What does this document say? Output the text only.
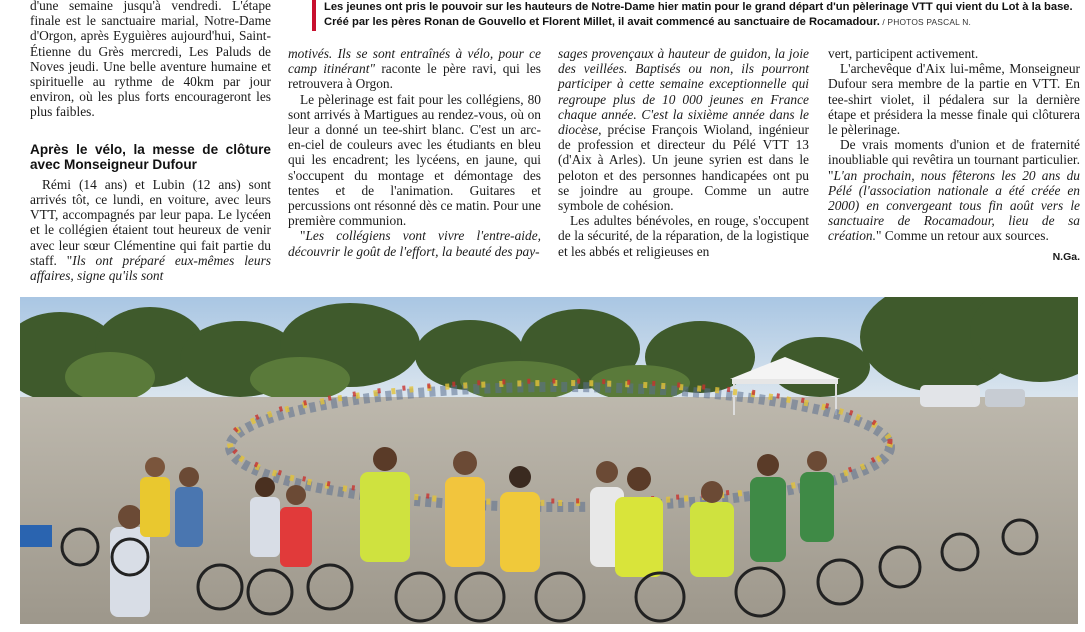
Les jeunes ont pris le pouvoir sur les hauteurs de Notre-Dame hier matin pour le grand départ d'un pèlerinage VTT qui vient du Lot à la base. Créé par les pères Ronan de Gouvello et Florent Millet, il avait commencé au sanctuaire de Rocamadour. / PHOTOS PASCAL N.

d'une semaine jusqu'à vendredi. L'étape finale est le sanctuaire marial, Notre-Dame d'Orgon, après Eyguières aujourd'hui, Saint-Étienne du Grès mercredi, Les Paluds de Noves jeudi. Une belle aventure humaine et spirituelle au rythme de 40km par jour environ, où les plus forts encourageront les plus faibles.

Après le vélo, la messe de clôture avec Monseigneur Dufour

Rémi (14 ans) et Lubin (12 ans) sont arrivés tôt, ce lundi, en voiture, avec leurs VTT, accompagnés par leur papa. Le lycéen et le collégien étaient tout heureux de venir avec leur sœur Clémentine qui fait partie du staff. "Ils ont préparé eux-mêmes leurs affaires, signe qu'ils sont

motivés. Ils se sont entraînés à vélo, pour ce camp itinérant" raconte le père ravi, qui les retrouvera à Orgon.

Le pèlerinage est fait pour les collégiens, 80 sont arrivés à Martigues au rendez-vous, où on leur a donné un tee-shirt blanc. C'est un arc-en-ciel de couleurs avec les étudiants en bleu qui les encadrent; les lycéens, en jaune, qui s'occupent du montage et démontage des tentes et de l'animation. Guitares et percussions ont résonné dès ce matin. Pour une première communion.

"Les collégiens vont vivre l'entre-aide, découvrir le goût de l'effort, la beauté des pay-

sages provençaux à hauteur de guidon, la joie des veillées. Baptisés ou non, ils pourront participer à cette semaine exceptionnelle qui regroupe plus de 10 000 jeunes en France chaque année. C'est la sixième année dans le diocèse, précise François Wioland, ingénieur de profession et directeur du Pélé VTT 13 (d'Aix à Arles). Un jeune syrien est dans le peloton et des personnes handicapées ont pu se joindre au groupe. Comme un autre symbole de cohésion.

Les adultes bénévoles, en rouge, s'occupent de la sécurité, de la réparation, de la logistique et les abbés et religieuses en

vert, participent activement.

L'archevêque d'Aix lui-même, Monseigneur Dufour sera membre de la partie en VTT. En tee-shirt violet, il pédalera sur la dernière étape et présidera la messe finale qui clôturera le pèlerinage.

De vrais moments d'union et de fraternité inoubliable qui revêtira un tournant particulier. "L'an prochain, nous fêterons les 20 ans du Pélé (l'association nationale a été créée en 2000) en convergeant tous fin août vers le sanctuaire de Rocamadour, lieu de sa création." Comme un retour aux sources.

N.Ga.
